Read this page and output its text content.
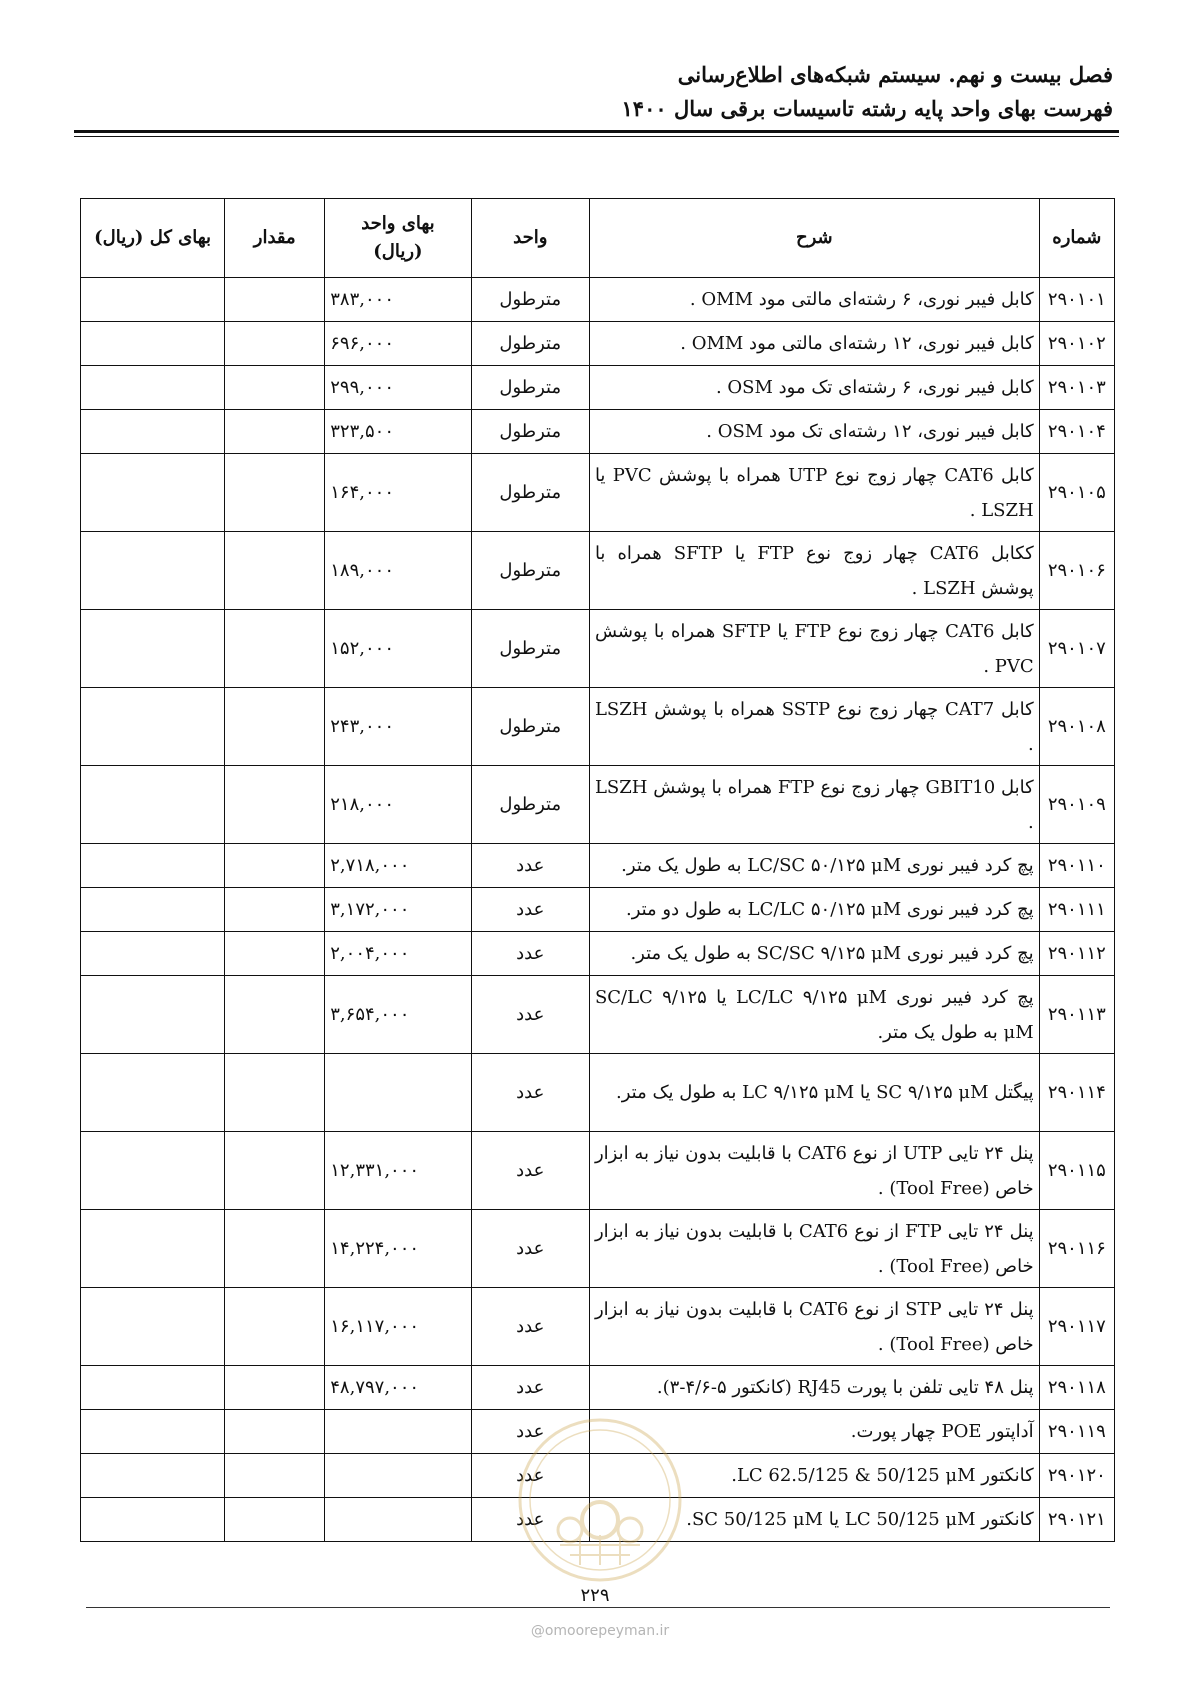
فصل بیست و نهم. سیستم شبکه‌های اطلاع‌رسانی
فهرست بهای واحد پایه رشته تاسیسات برقی سال ۱۴۰۰
شماره	شرح	واحد	بهای واحد
(ریال)	مقدار	بهای کل (ریال)
۲۹۰۱۰۱	کابل فیبر نوری، ۶ رشته‌ای مالتی مود OMM .	مترطول	۳۸۳,۰۰۰		
۲۹۰۱۰۲	کابل فیبر نوری، ۱۲ رشته‌ای مالتی مود OMM .	مترطول	۶۹۶,۰۰۰		
۲۹۰۱۰۳	کابل فیبر نوری، ۶ رشته‌ای تک مود OSM .	مترطول	۲۹۹,۰۰۰		
۲۹۰۱۰۴	کابل فیبر نوری، ۱۲ رشته‌ای تک مود OSM .	مترطول	۳۲۳,۵۰۰		
۲۹۰۱۰۵	کابل CAT6 چهار زوج نوع UTP همراه با پوشش PVC یا LSZH .	مترطول	۱۶۴,۰۰۰		
۲۹۰۱۰۶	ککابل CAT6 چهار زوج نوع FTP یا SFTP همراه با پوشش LSZH .	مترطول	۱۸۹,۰۰۰		
۲۹۰۱۰۷	کابل CAT6 چهار زوج نوع FTP یا SFTP همراه با پوشش PVC .	مترطول	۱۵۲,۰۰۰		
۲۹۰۱۰۸	کابل CAT7 چهار زوج نوع SSTP همراه با پوشش LSZH .	مترطول	۲۴۳,۰۰۰		
۲۹۰۱۰۹	کابل GBIT10 چهار زوج نوع FTP همراه با پوشش LSZH .	مترطول	۲۱۸,۰۰۰		
۲۹۰۱۱۰	پچ کرد فیبر نوری LC/SC ۵۰/۱۲۵ μM به طول یک متر.	عدد	۲,۷۱۸,۰۰۰		
۲۹۰۱۱۱	پچ کرد فیبر نوری LC/LC ۵۰/۱۲۵ μM به طول دو متر.	عدد	۳,۱۷۲,۰۰۰		
۲۹۰۱۱۲	پچ کرد فیبر نوری SC/SC ۹/۱۲۵ μM به طول یک متر.	عدد	۲,۰۰۴,۰۰۰		
۲۹۰۱۱۳	پچ کرد فیبر نوری LC/LC ۹/۱۲۵ μM یا SC/LC ۹/۱۲۵ μM به طول یک متر.	عدد	۳,۶۵۴,۰۰۰		
۲۹۰۱۱۴	پیگتل SC ۹/۱۲۵ μM یا LC ۹/۱۲۵ μM به طول یک متر.	عدد			
۲۹۰۱۱۵	پنل ۲۴ تایی UTP از نوع CAT6 با قابلیت بدون نیاز به ابزار خاص (Tool Free) .	عدد	۱۲,۳۳۱,۰۰۰		
۲۹۰۱۱۶	پنل ۲۴ تایی FTP از نوع CAT6 با قابلیت بدون نیاز به ابزار خاص (Tool Free) .	عدد	۱۴,۲۲۴,۰۰۰		
۲۹۰۱۱۷	پنل ۲۴ تایی STP از نوع CAT6 با قابلیت بدون نیاز به ابزار خاص (Tool Free) .	عدد	۱۶,۱۱۷,۰۰۰		
۲۹۰۱۱۸	پنل ۴۸ تایی تلفن با پورت RJ45 (کانکتور ۵-۴/۶-۳).	عدد	۴۸,۷۹۷,۰۰۰		
۲۹۰۱۱۹	آداپتور POE چهار پورت.	عدد			
۲۹۰۱۲۰	کانکتور LC 62.5/125 & 50/125 μM.	عدد			
۲۹۰۱۲۱	کانکتور LC 50/125 μM یا SC 50/125 μM.	عدد			
۲۲۹
@omoorepeyman.ir
